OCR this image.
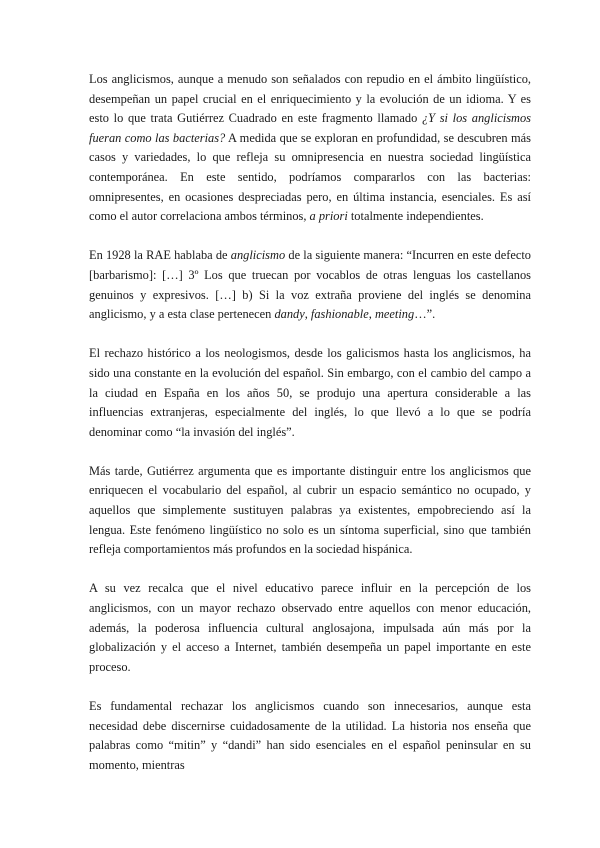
Los anglicismos, aunque a menudo son señalados con repudio en el ámbito lingüístico, desempeñan un papel crucial en el enriquecimiento y la evolución de un idioma. Y es esto lo que trata Gutiérrez Cuadrado en este fragmento llamado ¿Y si los anglicismos fueran como las bacterias? A medida que se exploran en profundidad, se descubren más casos y variedades, lo que refleja su omnipresencia en nuestra sociedad lingüística contemporánea. En este sentido, podríamos compararlos con las bacterias: omnipresentes, en ocasiones despreciadas pero, en última instancia, esenciales. Es así como el autor correlaciona ambos términos, a priori totalmente independientes.

En 1928 la RAE hablaba de anglicismo de la siguiente manera: “Incurren en este defecto [barbarismo]: […] 3º Los que truecan por vocablos de otras lenguas los castellanos genuinos y expresivos. […] b) Si la voz extraña proviene del inglés se denomina anglicismo, y a esta clase pertenecen dandy, fashionable, meeting…”.

El rechazo histórico a los neologismos, desde los galicismos hasta los anglicismos, ha sido una constante en la evolución del español. Sin embargo, con el cambio del campo a la ciudad en España en los años 50, se produjo una apertura considerable a las influencias extranjeras, especialmente del inglés, lo que llevó a lo que se podría denominar como “la invasión del inglés”.

Más tarde, Gutiérrez argumenta que es importante distinguir entre los anglicismos que enriquecen el vocabulario del español, al cubrir un espacio semántico no ocupado, y aquellos que simplemente sustituyen palabras ya existentes, empobreciendo así la lengua. Este fenómeno lingüístico no solo es un síntoma superficial, sino que también refleja comportamientos más profundos en la sociedad hispánica.

A su vez recalca que el nivel educativo parece influir en la percepción de los anglicismos, con un mayor rechazo observado entre aquellos con menor educación, además, la poderosa influencia cultural anglosajona, impulsada aún más por la globalización y el acceso a Internet, también desempeña un papel importante en este proceso.

Es fundamental rechazar los anglicismos cuando son innecesarios, aunque esta necesidad debe discernirse cuidadosamente de la utilidad. La historia nos enseña que palabras como “mitin” y “dandi” han sido esenciales en el español peninsular en su momento, mientras
